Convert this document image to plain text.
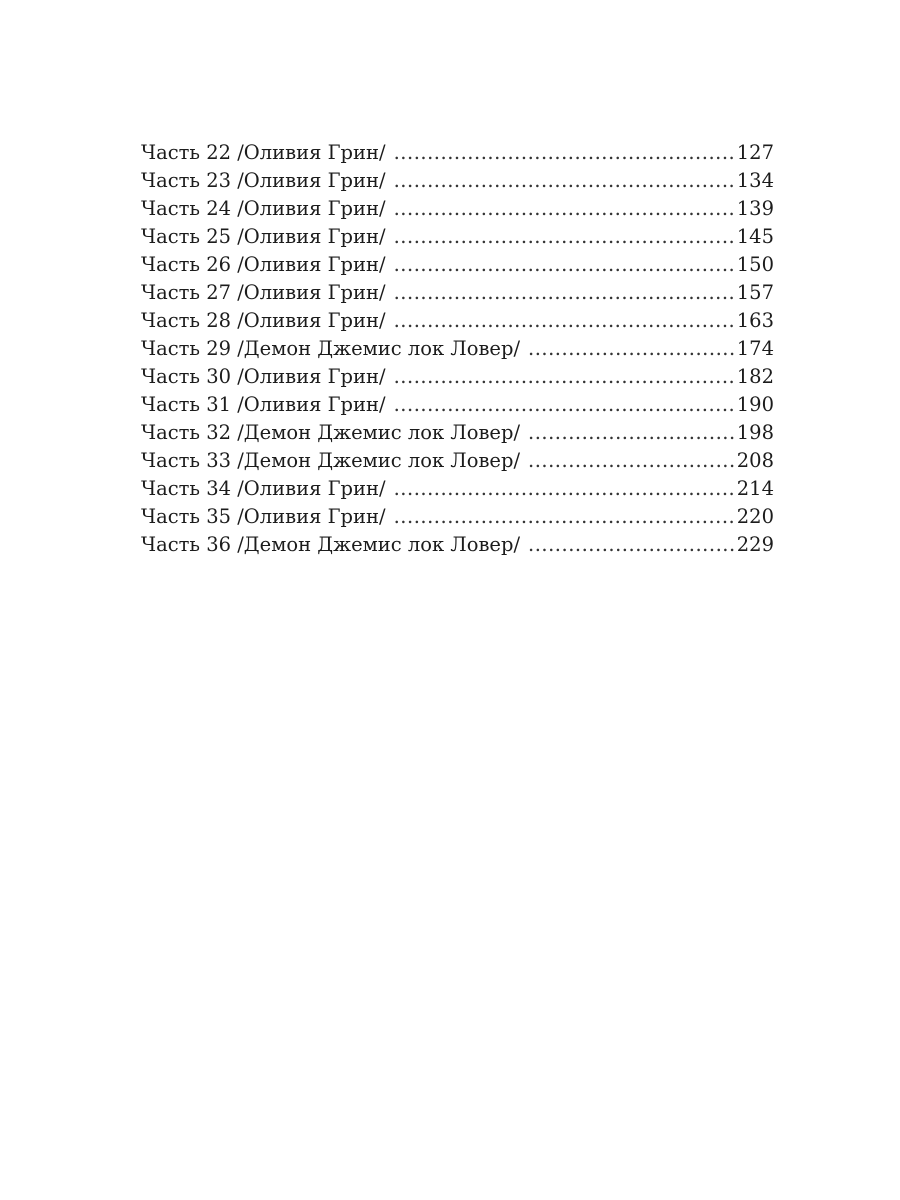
Часть 22 /Оливия Грин/ .....	127
Часть 23 /Оливия Грин/ .....	134
Часть 24 /Оливия Грин/ .....	139
Часть 25 /Оливия Грин/ .....	145
Часть 26 /Оливия Грин/ .....	150
Часть 27 /Оливия Грин/ .....	157
Часть 28 /Оливия Грин/ .....	163
Часть 29 /Демон Джемис лок Ловер/ .....	174
Часть 30 /Оливия Грин/ .....	182
Часть 31 /Оливия Грин/ .....	190
Часть 32 /Демон Джемис лок Ловер/ .....	198
Часть 33 /Демон Джемис лок Ловер/ .....	208
Часть 34 /Оливия Грин/ .....	214
Часть 35 /Оливия Грин/ .....	220
Часть 36 /Демон Джемис лок Ловер/ .....	229
